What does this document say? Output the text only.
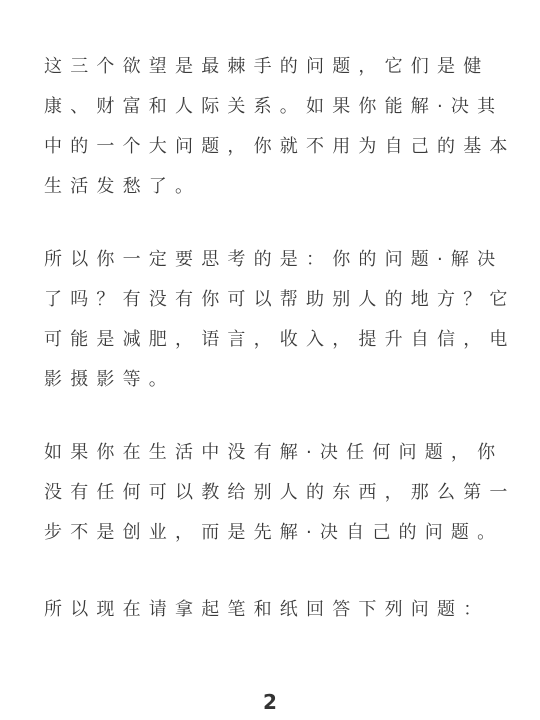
这三个欲望是最棘手的问题，它们是健
康、财富和人际关系。如果你能解·决其
中的一个大问题，你就不用为自己的基本
生活发愁了。
所以你一定要思考的是：你的问题·解决
了吗？有没有你可以帮助别人的地方？它
可能是减肥，语言，收入，提升自信，电
影摄影等。
如果你在生活中没有解·决任何问题，你
没有任何可以教给别人的东西，那么第一
步不是创业，而是先解·决自己的问题。
所以现在请拿起笔和纸回答下列问题：
2
